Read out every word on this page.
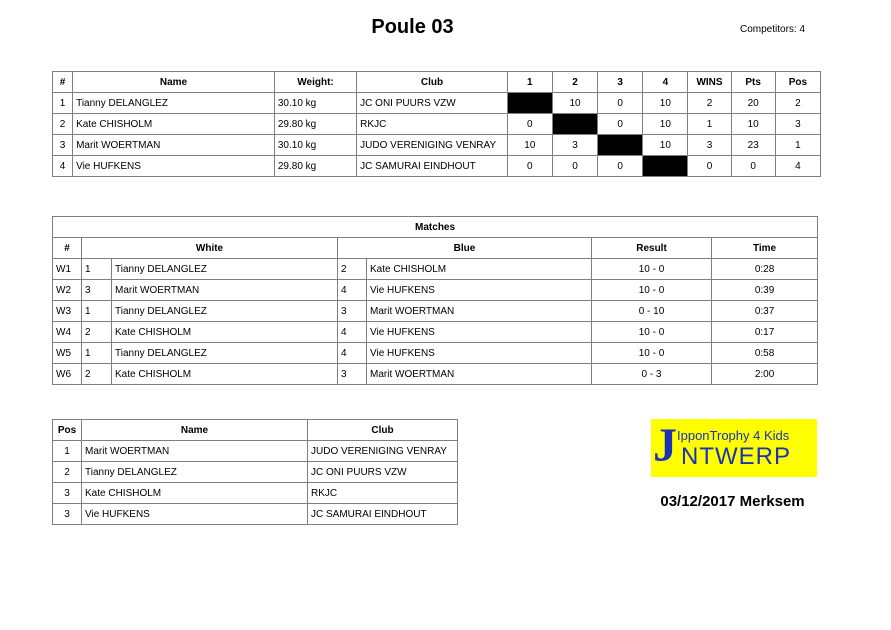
Poule 03	Competitors: 4
#	Name	Weight:	Club	1	2	3	4	WINS	Pts	Pos
1	Tianny DELANGLEZ	30.10 kg	JC ONI PUURS VZW		10	0	10	2	20	2
2	Kate CHISHOLM	29.80 kg	RKJC	0		0	10	1	10	3
3	Marit WOERTMAN	30.10 kg	JUDO VERENIGING VENRAY	10	3		10	3	23	1
4	Vie HUFKENS	29.80 kg	JC SAMURAI EINDHOUT	0	0	0		0	0	4
Matches						
#	White		Blue		Result	Time
W1	1	Tianny DELANGLEZ	2	Kate CHISHOLM	10 - 0	0:28
W2	3	Marit WOERTMAN	4	Vie HUFKENS	10 - 0	0:39
W3	1	Tianny DELANGLEZ	3	Marit WOERTMAN	0 - 10	0:37
W4	2	Kate CHISHOLM	4	Vie HUFKENS	10 - 0	0:17
W5	1	Tianny DELANGLEZ	4	Vie HUFKENS	10 - 0	0:58
W6	2	Kate CHISHOLM	3	Marit WOERTMAN	0 - 3	2:00
Pos	Name	Club
1	Marit WOERTMAN	JUDO VERENIGING VENRAY
2	Tianny DELANGLEZ	JC ONI PUURS VZW
3	Kate CHISHOLM	RKJC
3	Vie HUFKENS	JC SAMURAI EINDHOUT
J IpponTrophy 4 Kids
NTWERP
03/12/2017 Merksem
